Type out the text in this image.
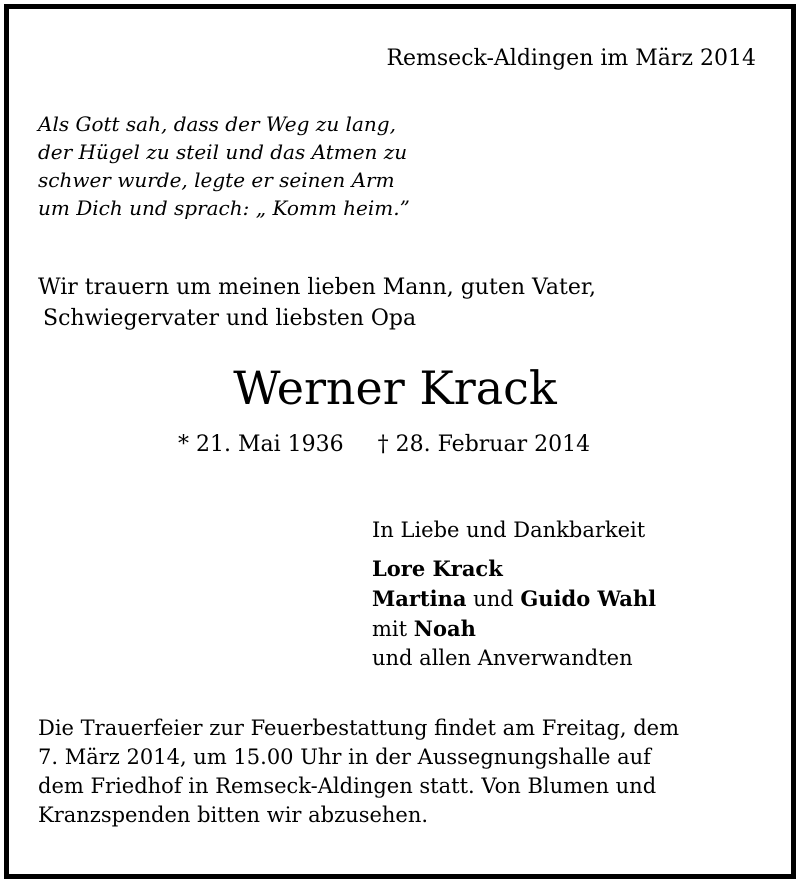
Remseck-Aldingen im März 2014
Als Gott sah, dass der Weg zu lang,
der Hügel zu steil und das Atmen zu
schwer wurde, legte er seinen Arm
um Dich und sprach: „ Komm heim.”
Wir trauern um meinen lieben Mann, guten Vater,
Schwiegervater und liebsten Opa
Werner Krack
* 21. Mai 1936 † 28. Februar 2014
In Liebe und Dankbarkeit
Lore Krack
Martina und Guido Wahl
mit Noah
und allen Anverwandten
Die Trauerfeier zur Feuerbestattung findet am Freitag, dem
7. März 2014, um 15.00 Uhr in der Aussegnungshalle auf
dem Friedhof in Remseck-Aldingen statt. Von Blumen und
Kranzspenden bitten wir abzusehen.
